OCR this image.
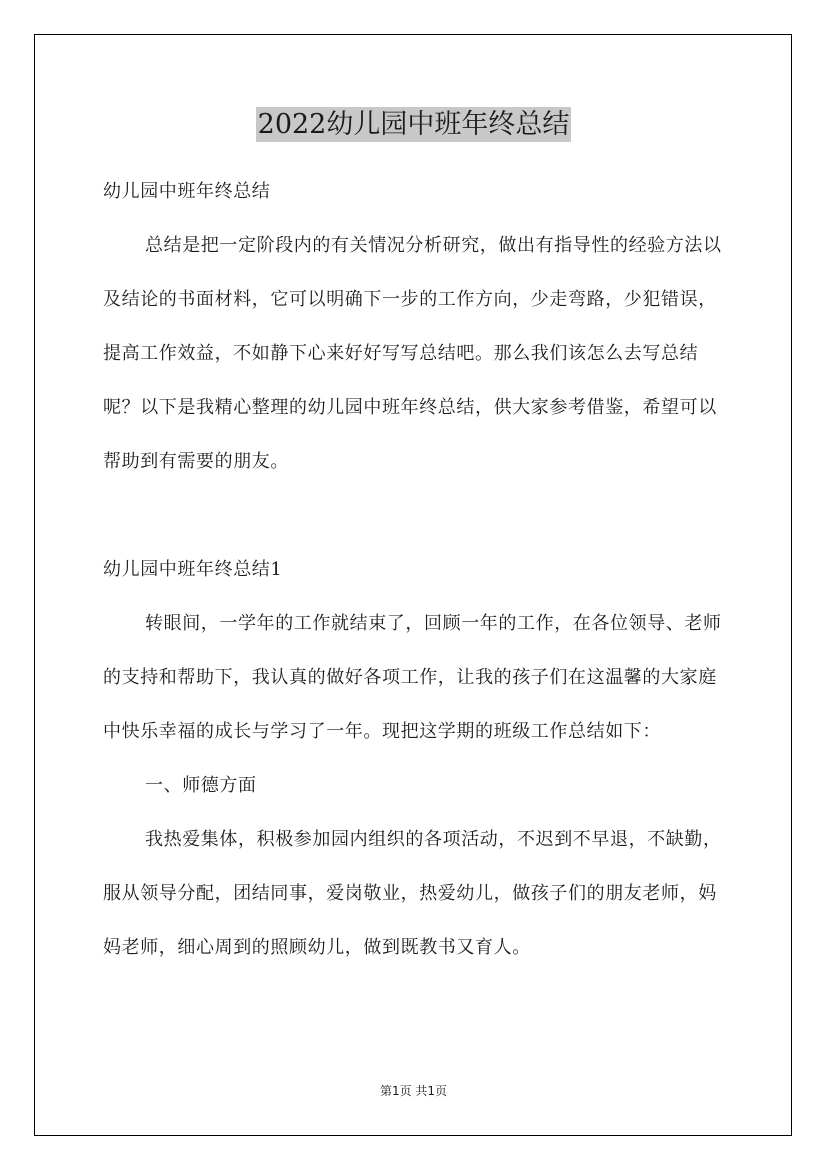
2022幼儿园中班年终总结

幼儿园中班年终总结

总结是把一定阶段内的有关情况分析研究，做出有指导性的经验方法以及结论的书面材料，它可以明确下一步的工作方向，少走弯路，少犯错误，提高工作效益，不如静下心来好好写写总结吧。那么我们该怎么去写总结呢？以下是我精心整理的幼儿园中班年终总结，供大家参考借鉴，希望可以帮助到有需要的朋友。

幼儿园中班年终总结1

转眼间，一学年的工作就结束了，回顾一年的工作，在各位领导、老师的支持和帮助下，我认真的做好各项工作，让我的孩子们在这温馨的大家庭中快乐幸福的成长与学习了一年。现把这学期的班级工作总结如下：

一、师德方面

我热爱集体，积极参加园内组织的各项活动，不迟到不早退，不缺勤，服从领导分配，团结同事，爱岗敬业，热爱幼儿，做孩子们的朋友老师，妈妈老师，细心周到的照顾幼儿，做到既教书又育人。

第1页 共1页
